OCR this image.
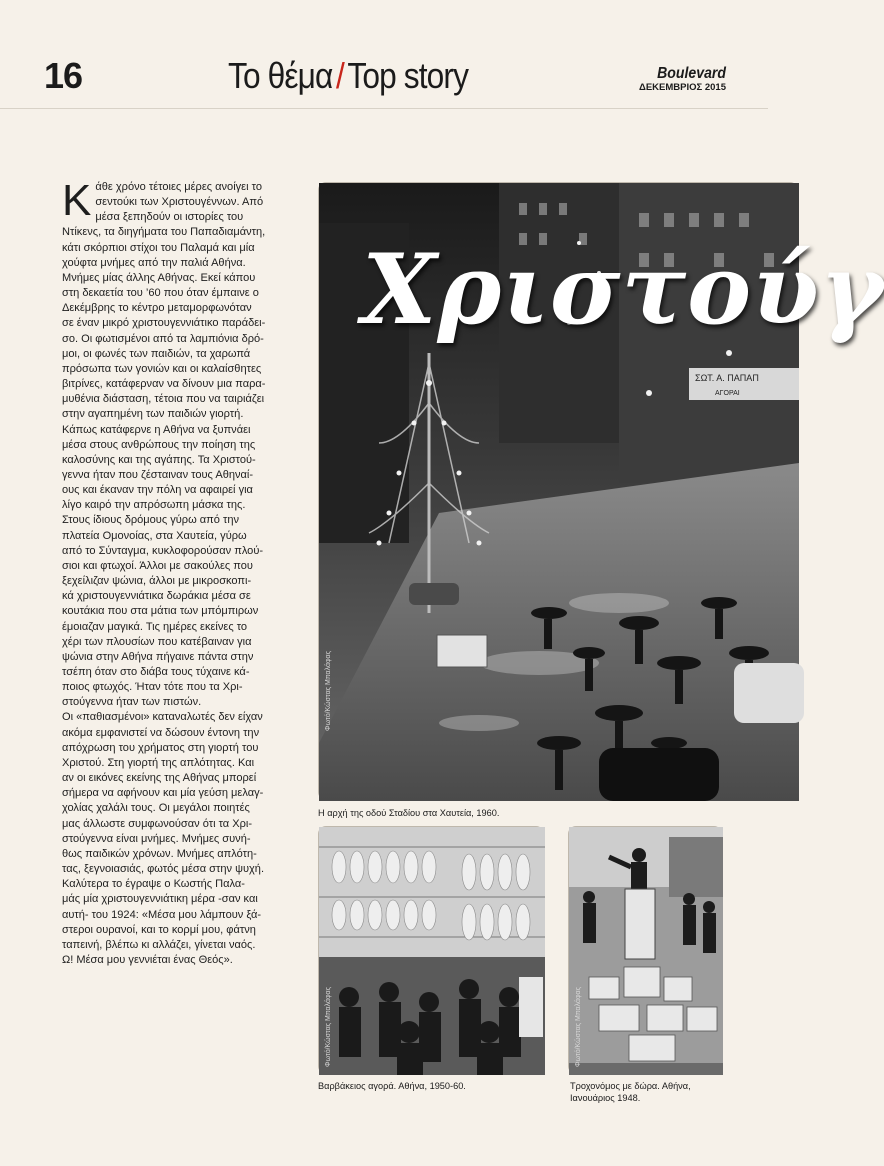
16	Το θέμα/Top story	Boulevard
ΔΕΚΕΜΒΡΙΟΣ 2015
Κ άθε χρόνο τέτοιες μέρες ανοίγει το
σεντούκι των Χριστουγέννων. Από
μέσα ξεπηδούν οι ιστορίες του
Ντίκενς, τα διηγήματα του Παπαδιαμάντη,
κάτι σκόρπιοι στίχοι του Παλαμά και μία
χούφτα μνήμες από την παλιά Αθήνα.
Μνήμες μίας άλλης Αθήνας. Εκεί κάπου
στη δεκαετία του ’60 που όταν έμπαινε ο
Δεκέμβρης το κέντρο μεταμορφωνόταν
σε έναν μικρό χριστουγεννιάτικο παράδει-
σο. Οι φωτισμένοι από τα λαμπιόνια δρό-
μοι, οι φωνές των παιδιών, τα χαρωπά
πρόσωπα των γονιών και οι καλαίσθητες
βιτρίνες, κατάφερναν να δίνουν μια παρα-
μυθένια διάσταση, τέτοια που να ταιριάζει
στην αγαπημένη των παιδιών γιορτή.
Κάπως κατάφερνε η Αθήνα να ξυπνάει
μέσα στους ανθρώπους την ποίηση της
καλοσύνης και της αγάπης. Τα Χριστού-
γεννα ήταν που ζέσταιναν τους Αθηναί-
ους και έκαναν την πόλη να αφαιρεί για
λίγο καιρό την απρόσωπη μάσκα της.
Στους ίδιους δρόμους γύρω από την
πλατεία Ομονοίας, στα Χαυτεία, γύρω
από το Σύνταγμα, κυκλοφορούσαν πλού-
σιοι και φτωχοί. Άλλοι με σακούλες που
ξεχείλιζαν ψώνια, άλλοι με μικροσκοπι-
κά χριστουγεννιάτικα δωράκια μέσα σε
κουτάκια που στα μάτια των μπόμπιρων
έμοιαζαν μαγικά. Τις ημέρες εκείνες το
χέρι των πλουσίων που κατέβαιναν για
ψώνια στην Αθήνα πήγαινε πάντα στην
τσέπη όταν στο διάβα τους τύχαινε κά-
ποιος φτωχός. Ήταν τότε που τα Χρι-
στούγεννα ήταν των πιστών.
Οι «παθιασμένοι» καταναλωτές δεν είχαν
ακόμα εμφανιστεί να δώσουν έντονη την
απόχρωση του χρήματος στη γιορτή του
Χριστού. Στη γιορτή της απλότητας. Και
αν οι εικόνες εκείνης της Αθήνας μπορεί
σήμερα να αφήνουν και μία γεύση μελαγ-
χολίας χαλάλι τους. Οι μεγάλοι ποιητές
μας άλλωστε συμφωνούσαν ότι τα Χρι-
στούγεννα είναι μνήμες. Μνήμες συνή-
θως παιδικών χρόνων. Μνήμες απλότη-
τας, ξεγνοιασιάς, φωτός μέσα στην ψυχή.
Καλύτερα το έγραψε ο Κωστής Παλα-
μάς μία χριστουγεννιάτικη μέρα -σαν και
αυτή- του 1924: «Μέσα μου λάμπουν ξά-
στεροι ουρανοί, και το κορμί μου, φάτνη
ταπεινή, βλέπω κι αλλάζει, γίνεται ναός.
Ω! Μέσα μου γεννιέται ένας Θεός».
ΣΩΤ. Α. ΠΑΠΑΠ
ΑΓΟΡΑΙ
Φωτό/Κώστας Μπαλάφας
Χριστούγ
Η αρχή της οδού Σταδίου στα Χαυτεία, 1960.
Φωτό/Κώστας Μπαλάφας
Βαρβάκειος αγορά. Αθήνα, 1950-60.
Φωτό/Κώστας Μπαλάφας
Τροχονόμος με δώρα. Αθήνα, Ιανουάριος 1948.
